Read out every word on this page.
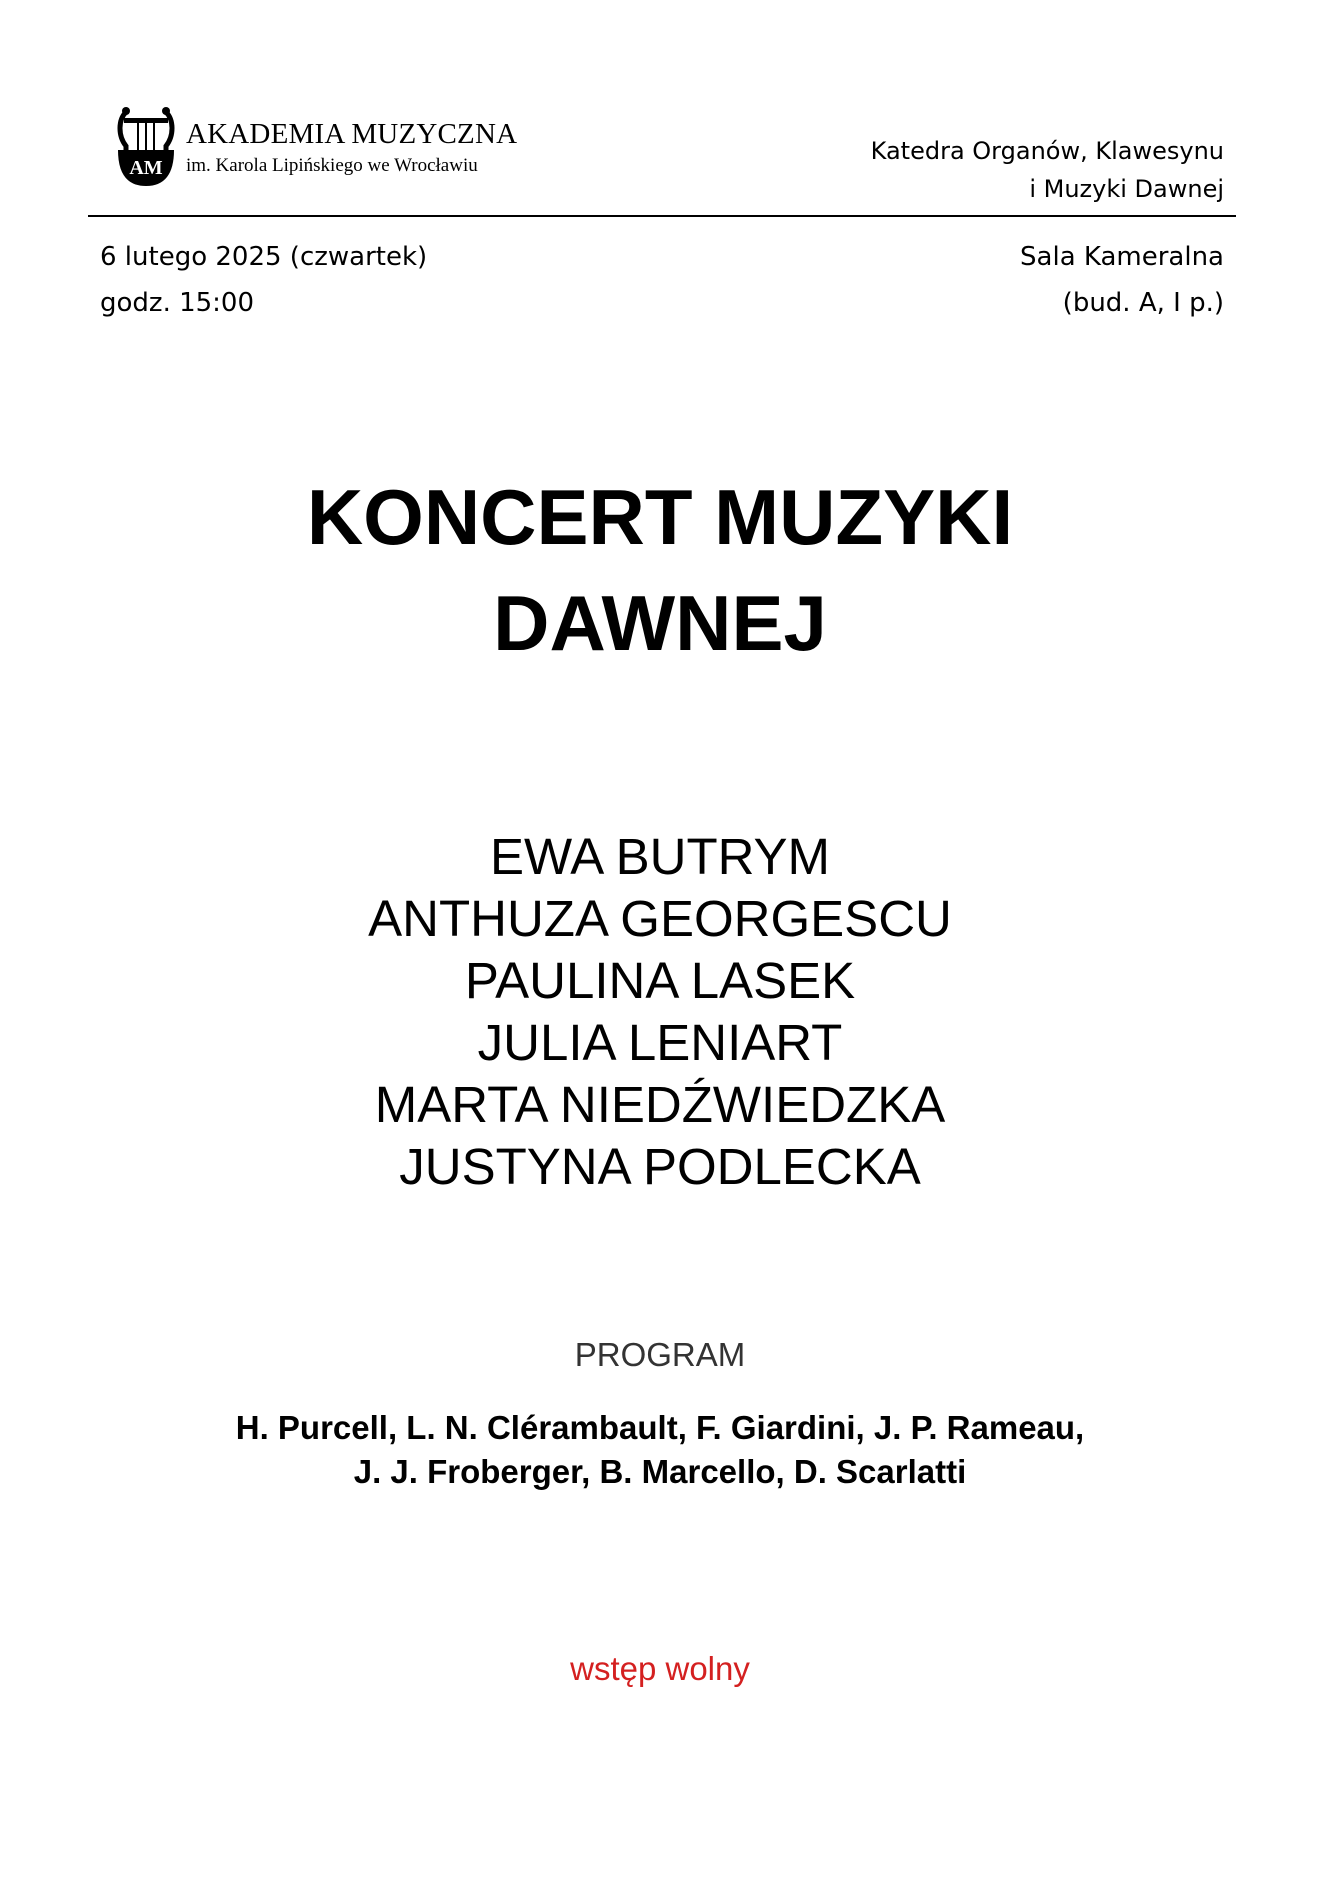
AM
AKADEMIA MUZYCZNA
im. Karola Lipińskiego we Wrocławiu
Katedra Organów, Klawesynu
i Muzyki Dawnej
6 lutego 2025 (czwartek)
godz. 15:00
Sala Kameralna
(bud. A, I p.)
KONCERT MUZYKI
DAWNEJ
EWA BUTRYM
ANTHUZA GEORGESCU
PAULINA LASEK
JULIA LENIART
MARTA NIEDŹWIEDZKA
JUSTYNA PODLECKA
PROGRAM
H. Purcell, L. N. Clérambault, F. Giardini, J. P. Rameau,
J. J. Froberger, B. Marcello, D. Scarlatti
wstęp wolny
